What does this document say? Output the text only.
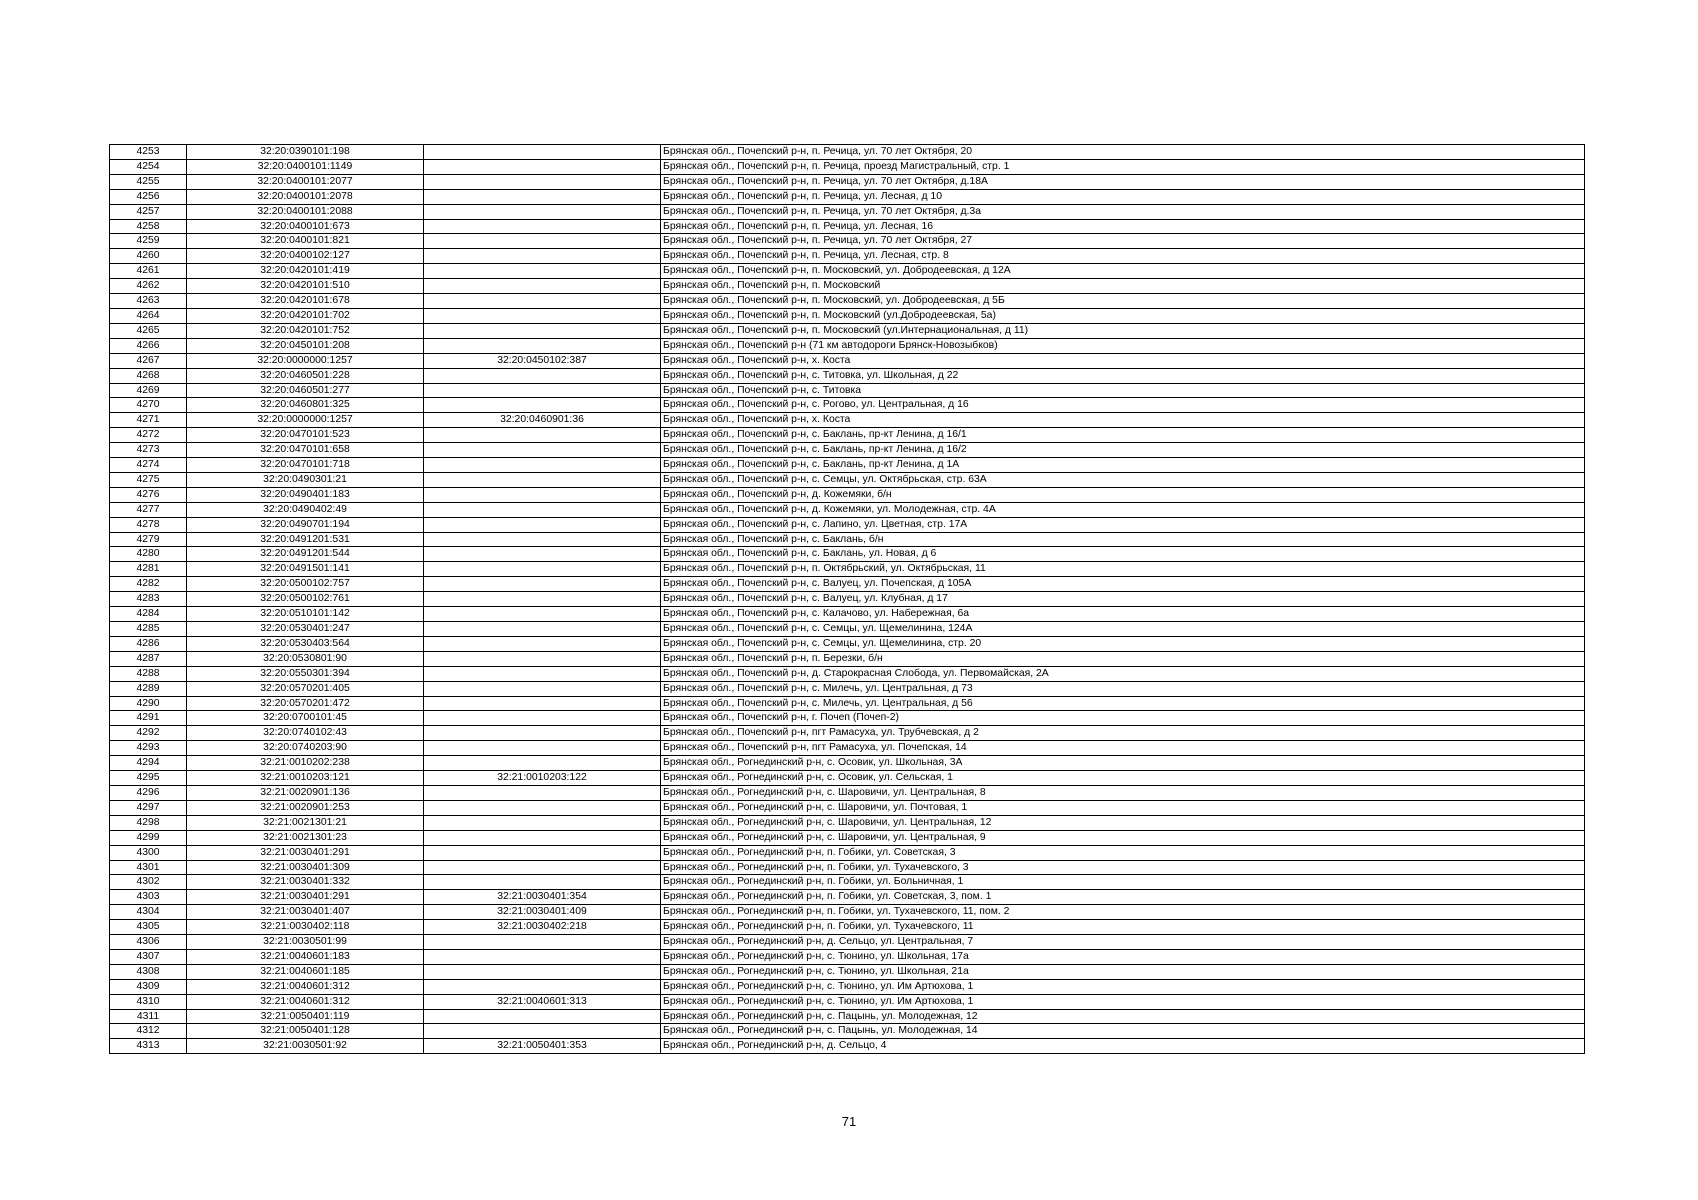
4253	32:20:0390101:198		Брянская обл., Почепский р-н, п. Речица, ул. 70 лет Октября, 20
4254	32:20:0400101:1149		Брянская обл., Почепский р-н, п. Речица, проезд Магистральный, стр. 1
4255	32:20:0400101:2077		Брянская обл., Почепский р-н, п. Речица, ул. 70 лет Октября, д.18А
4256	32:20:0400101:2078		Брянская обл., Почепский р-н, п. Речица, ул. Лесная, д 10
4257	32:20:0400101:2088		Брянская обл., Почепский р-н, п. Речица, ул. 70 лет Октября, д.3а
4258	32:20:0400101:673		Брянская обл., Почепский р-н, п. Речица, ул. Лесная, 16
4259	32:20:0400101:821		Брянская обл., Почепский р-н, п. Речица, ул. 70 лет Октября, 27
4260	32:20:0400102:127		Брянская обл., Почепский р-н, п. Речица, ул. Лесная, стр. 8
4261	32:20:0420101:419		Брянская обл., Почепский р-н, п. Московский, ул. Добродеевская, д 12А
4262	32:20:0420101:510		Брянская обл., Почепский р-н, п. Московский
4263	32:20:0420101:678		Брянская обл., Почепский р-н, п. Московский, ул. Добродеевская, д 5Б
4264	32:20:0420101:702		Брянская обл., Почепский р-н, п. Московский (ул.Добродеевская, 5а)
4265	32:20:0420101:752		Брянская обл., Почепский р-н, п. Московский (ул.Интернациональная, д 11)
4266	32:20:0450101:208		Брянская обл., Почепский р-н (71 км автодороги Брянск-Новозыбков)
4267	32:20:0000000:1257	32:20:0450102:387	Брянская обл., Почепский р-н, х. Коста
4268	32:20:0460501:228		Брянская обл., Почепский р-н, с. Титовка, ул. Школьная, д 22
4269	32:20:0460501:277		Брянская обл., Почепский р-н, с. Титовка
4270	32:20:0460801:325		Брянская обл., Почепский р-н, с. Рогово, ул. Центральная, д 16
4271	32:20:0000000:1257	32:20:0460901:36	Брянская обл., Почепский р-н, х. Коста
4272	32:20:0470101:523		Брянская обл., Почепский р-н, с. Баклань, пр-кт Ленина, д 16/1
4273	32:20:0470101:658		Брянская обл., Почепский р-н, с. Баклань, пр-кт Ленина, д 16/2
4274	32:20:0470101:718		Брянская обл., Почепский р-н, с. Баклань, пр-кт Ленина, д 1А
4275	32:20:0490301:21		Брянская обл., Почепский р-н, с. Семцы, ул. Октябрьская, стр. 63А
4276	32:20:0490401:183		Брянская обл., Почепский р-н, д. Кожемяки, б/н
4277	32:20:0490402:49		Брянская обл., Почепский р-н, д. Кожемяки, ул. Молодежная, стр. 4А
4278	32:20:0490701:194		Брянская обл., Почепский р-н, с. Лапино, ул. Цветная, стр. 17А
4279	32:20:0491201:531		Брянская обл., Почепский р-н, с. Баклань, б/н
4280	32:20:0491201:544		Брянская обл., Почепский р-н, с. Баклань, ул. Новая, д 6
4281	32:20:0491501:141		Брянская обл., Почепский р-н, п. Октябрьский, ул. Октябрьская, 11
4282	32:20:0500102:757		Брянская обл., Почепский р-н, с. Валуец, ул. Почепская, д 105А
4283	32:20:0500102:761		Брянская обл., Почепский р-н, с. Валуец, ул. Клубная, д 17
4284	32:20:0510101:142		Брянская обл., Почепский р-н, с. Калачово, ул. Набережная, 6а
4285	32:20:0530401:247		Брянская обл., Почепский р-н, с. Семцы, ул. Щемелинина, 124А
4286	32:20:0530403:564		Брянская обл., Почепский р-н, с. Семцы, ул. Щемелинина, стр. 20
4287	32:20:0530801:90		Брянская обл., Почепский р-н, п. Березки, б/н
4288	32:20:0550301:394		Брянская обл., Почепский р-н, д. Старокрасная Слобода, ул. Первомайская, 2А
4289	32:20:0570201:405		Брянская обл., Почепский р-н, с. Милечь, ул. Центральная, д 73
4290	32:20:0570201:472		Брянская обл., Почепский р-н, с. Милечь, ул. Центральная, д 56
4291	32:20:0700101:45		Брянская обл., Почепский р-н, г. Почеп (Почеп-2)
4292	32:20:0740102:43		Брянская обл., Почепский р-н, пгт Рамасуха, ул. Трубчевская, д 2
4293	32:20:0740203:90		Брянская обл., Почепский р-н, пгт Рамасуха, ул. Почепская, 14
4294	32:21:0010202:238		Брянская обл., Рогнединский р-н, с. Осовик, ул. Школьная, 3А
4295	32:21:0010203:121	32:21:0010203:122	Брянская обл., Рогнединский р-н, с. Осовик, ул. Сельская, 1
4296	32:21:0020901:136		Брянская обл., Рогнединский р-н, с. Шаровичи, ул. Центральная, 8
4297	32:21:0020901:253		Брянская обл., Рогнединский р-н, с. Шаровичи, ул. Почтовая, 1
4298	32:21:0021301:21		Брянская обл., Рогнединский р-н, с. Шаровичи, ул. Центральная, 12
4299	32:21:0021301:23		Брянская обл., Рогнединский р-н, с. Шаровичи, ул. Центральная, 9
4300	32:21:0030401:291		Брянская обл., Рогнединский р-н, п. Гобики, ул. Советская, 3
4301	32:21:0030401:309		Брянская обл., Рогнединский р-н, п. Гобики, ул. Тухачевского, 3
4302	32:21:0030401:332		Брянская обл., Рогнединский р-н, п. Гобики, ул. Больничная, 1
4303	32:21:0030401:291	32:21:0030401:354	Брянская обл., Рогнединский р-н, п. Гобики, ул. Советская, 3, пом. 1
4304	32:21:0030401:407	32:21:0030401:409	Брянская обл., Рогнединский р-н, п. Гобики, ул. Тухачевского, 11, пом. 2
4305	32:21:0030402:118	32:21:0030402:218	Брянская обл., Рогнединский р-н, п. Гобики, ул. Тухачевского, 11
4306	32:21:0030501:99		Брянская обл., Рогнединский р-н, д. Сельцо, ул. Центральная, 7
4307	32:21:0040601:183		Брянская обл., Рогнединский р-н, с. Тюнино, ул. Школьная, 17а
4308	32:21:0040601:185		Брянская обл., Рогнединский р-н, с. Тюнино, ул. Школьная, 21а
4309	32:21:0040601:312		Брянская обл., Рогнединский р-н, с. Тюнино, ул. Им Артюхова, 1
4310	32:21:0040601:312	32:21:0040601:313	Брянская обл., Рогнединский р-н, с. Тюнино, ул. Им Артюхова, 1
4311	32:21:0050401:119		Брянская обл., Рогнединский р-н, с. Пацынь, ул. Молодежная, 12
4312	32:21:0050401:128		Брянская обл., Рогнединский р-н, с. Пацынь, ул. Молодежная, 14
4313	32:21:0030501:92	32:21:0050401:353	Брянская обл., Рогнединский р-н, д. Сельцо, 4
71
